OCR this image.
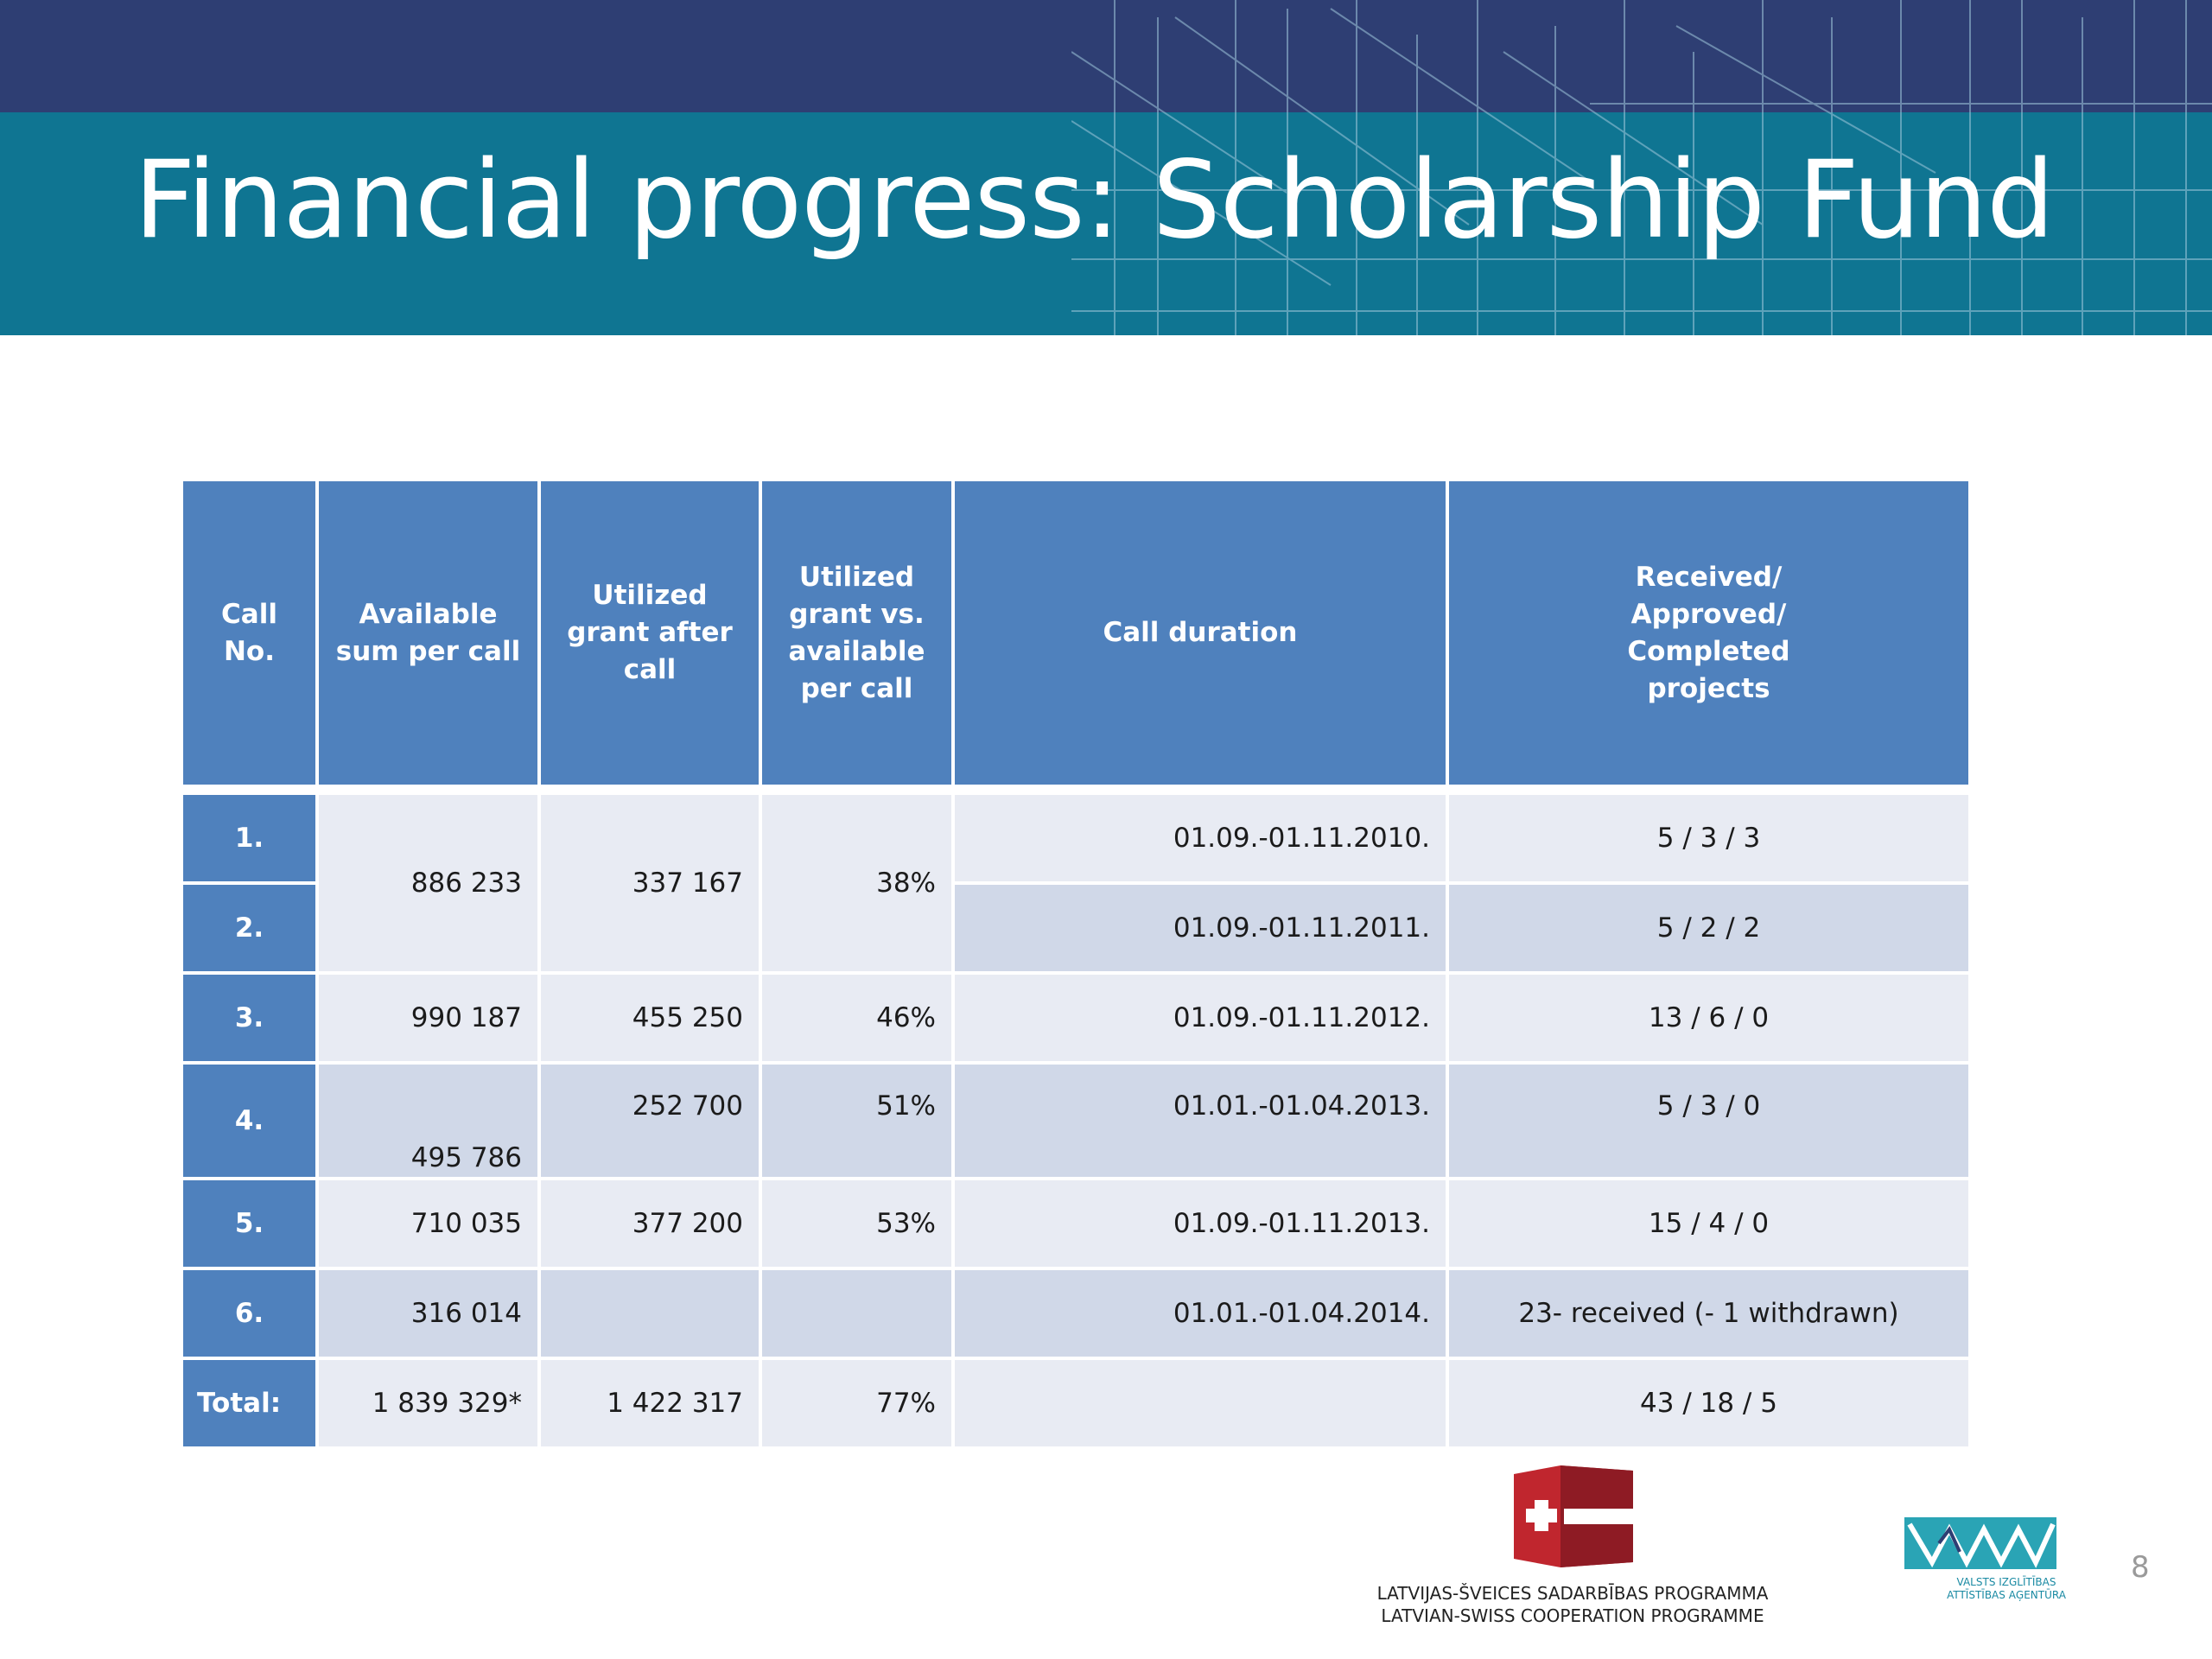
Financial progress: Scholarship Fund
Call No.	Available sum per call	Utilized grant after call	Utilized grant vs. available per call	Call duration	Received/ Approved/ Completed projects
1.	886 233	337 167	38%	01.09.-01.11.2010.	5 / 3 / 3
2.				01.09.-01.11.2011.	5 / 2 / 2
3.	990 187	455 250	46%	01.09.-01.11.2012.	13 / 6 / 0
4.	495 786	252 700	51%	01.01.-01.04.2013.	5 / 3 / 0
5.	710 035	377 200	53%	01.09.-01.11.2013.	15 / 4 / 0
6.	316 014			01.01.-01.04.2014.	23- received (- 1 withdrawn)
Total:	1 839 329*	1 422 317	77%		43 / 18 / 5
LATVIJAS-ŠVEICES SADARBĪBAS PROGRAMMA
LATVIAN-SWISS COOPERATION PROGRAMME
VALSTS IZGLĪTĪBAS
ATTĪSTĪBAS AĢENTŪRA
8
